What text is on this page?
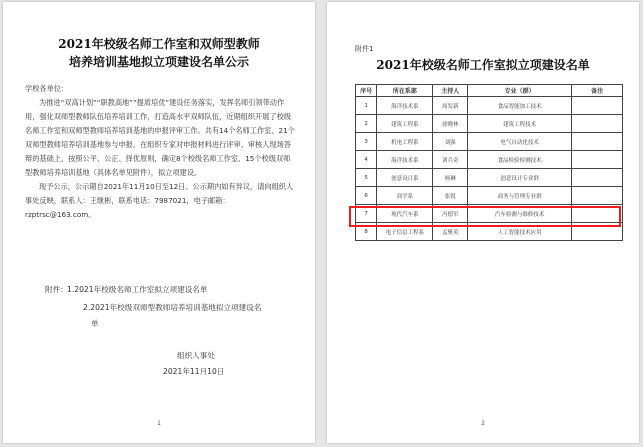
2021年校级名师工作室和双师型教师
培养培训基地拟立项建设名单公示

学校各单位：

为推进“双高计划”“职教高地”“提质培优”建设任务落实，发挥名师引领带动作用，强化双师型教师队伍培养培训工作，打造高水平双师队伍，近期组织开展了校级名师工作室和双师型教师培养培训基地的申报评审工作。共有14个名师工作室、21个双师型教师培养培训基地参与申报。在组织专家对申报材料进行评审、审核人现场答辩的基础上，按照公平、公正、择优原则，确定8个校级名师工作室、15个校级双师型教师培养培训基地（具体名单见附件），拟立项建设。

现予公示，公示期自2021年11月10日至12日。公示期内如有异议，请向组织人事处反映，联系人：王继彬，联系电话：7987021，电子邮箱：rzptrsc@163.com。

附件： 1.2021年校级名师工作室拟立项建设名单
2.2021年校级双师型教师培养培训基地拟立项建设名
单
组织人事处
2021年11月10日
1
附件1
2021年校级名师工作室拟立项建设名单
序号	所在系部	主持人	专业（群）	备注
1	海洋技术系	周发新	食品智能加工技术	
2	建筑工程系	徐晓林	建筑工程技术	
3	机电工程系	刘强	电气自动化技术	
4	海洋技术系	刘兵奇	食品检验检测技术	
5	创意设计系	杨琳	创意设计专业群	
6	商学系	张锐	商务与管理专业群	
7	现代汽车系	冯德军	汽车检测与维修技术	
8	电子信息工程系	孟聚英	人工智能技术应用	
2
